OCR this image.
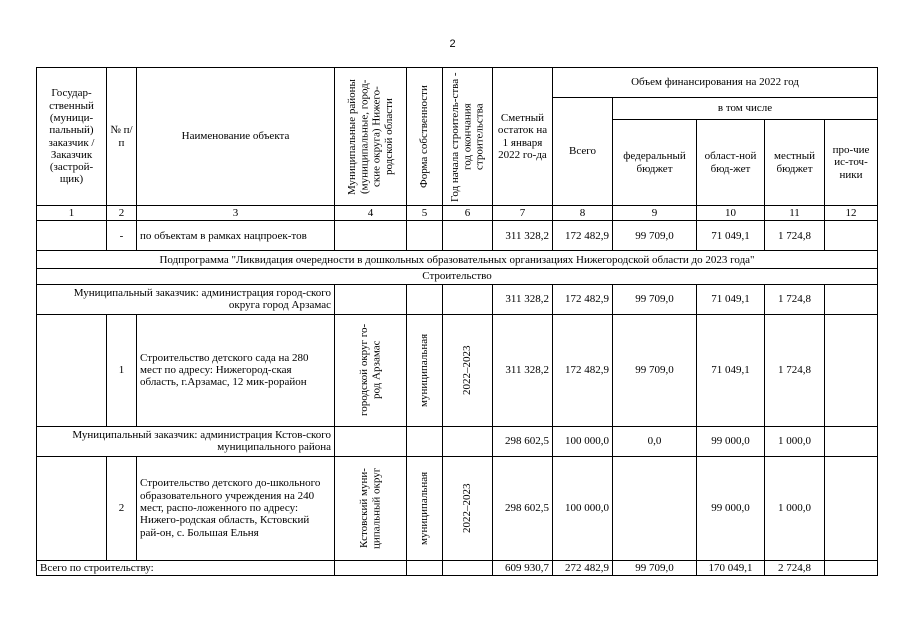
2
Государ-ственный (муници-пальный) заказчик / Заказчик (застрой-щик)	№ п/п	Наименование объекта	Муниципальные районы (муниципальные, город-ские округа) Нижего-родской области	Форма собственности	Год начала строитель-ства - год окончания строительства	Сметный остаток на 1 января 2022 го-да	Объем финансирования на 2022 год				
							Всего	в том числе			
								федеральный бюджет	област-ной бюд-жет	местный бюджет	про-чие ис-точ-ники
1	2	3	4	5	6	7	8	9	10	11	12
	-	по объектам в рамках нацпроек-тов				311 328,2	172 482,9	99 709,0	71 049,1	1 724,8	
Подпрограмма "Ликвидация очередности в дошкольных образовательных организациях Нижегородской области до 2023 года"											
Строительство											
Муниципальный заказчик: администрация город-ского округа город Арзамас						311 328,2	172 482,9	99 709,0	71 049,1	1 724,8	
	1	Строительство детского сада на 280 мест по адресу: Нижегород-ская область, г.Арзамас, 12 мик-рорайон	городской округ го-род Арзамас	муниципальная	2022–2023	311 328,2	172 482,9	99 709,0	71 049,1	1 724,8	
Муниципальный заказчик: администрация Кстов-ского муниципального района						298 602,5	100 000,0	0,0	99 000,0	1 000,0	
	2	Строительство детского до-школьного образовательного учреждения на 240 мест, распо-ложенного по адресу: Нижего-родская область, Кстовский рай-он, с. Большая Ельня	Кстовский муни-ципальный округ	муниципальная	2022–2023	298 602,5	100 000,0		99 000,0	1 000,0	
Всего по строительству:						609 930,7	272 482,9	99 709,0	170 049,1	2 724,8	
